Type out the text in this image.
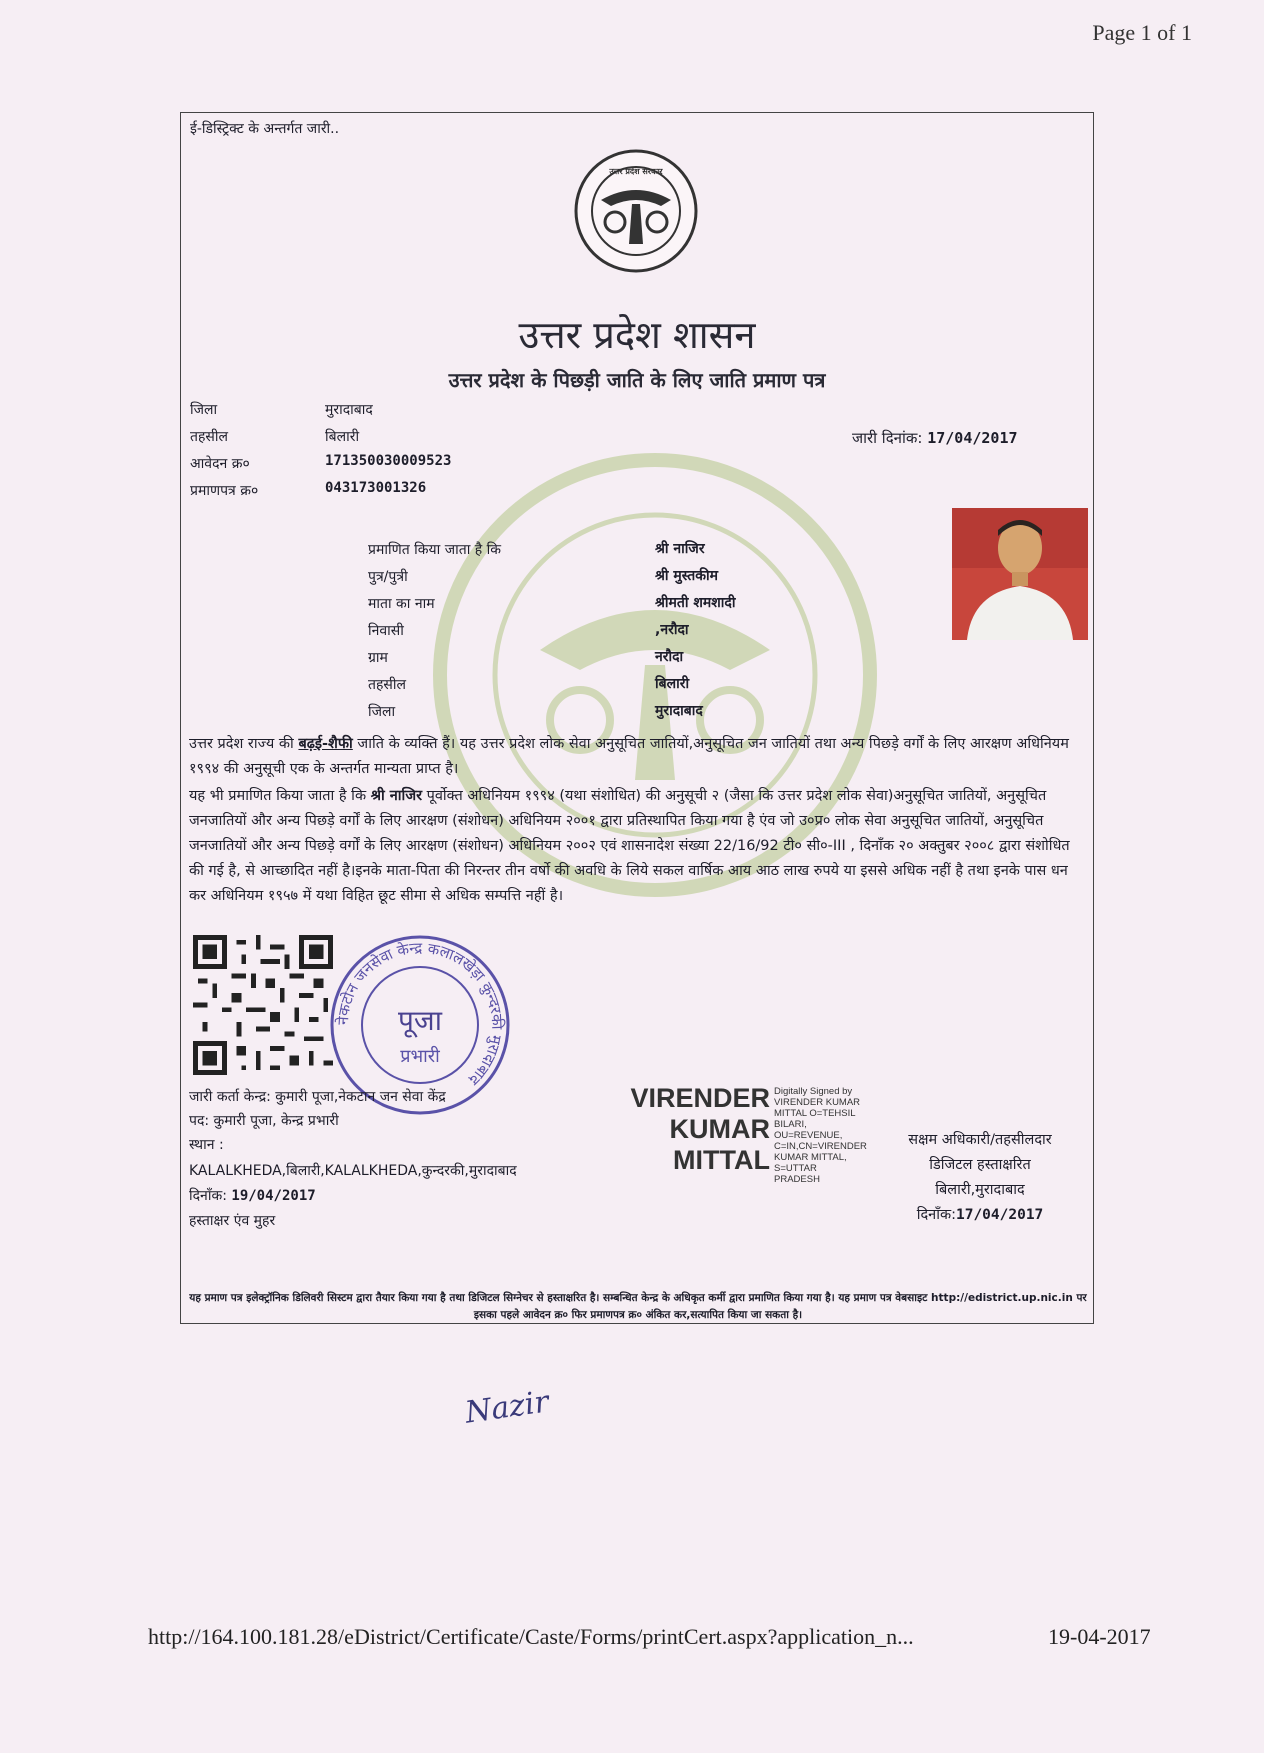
Page 1 of 1
ई-डिस्ट्रिक्ट के अन्तर्गत जारी..
उत्तर प्रदेश सरकार
उत्तर प्रदेश शासन
उत्तर प्रदेश के पिछड़ी जाति के लिए जाति प्रमाण पत्र
जिला	मुरादाबाद
तहसील	बिलारी
आवेदन क्र०	171350030009523
प्रमाणपत्र क्र०	043173001326
जारी दिनांक: 17/04/2017
प्रमाणित किया जाता है कि	श्री नाजिर
पुत्र/पुत्री	श्री मुस्तकीम
माता का नाम	श्रीमती शमशादी
निवासी	,नरौदा
ग्राम	नरौदा
तहसील	बिलारी
जिला	मुरादाबाद
उत्तर प्रदेश राज्य की बढ़ई-शैफी जाति के व्यक्ति हैं। यह उत्तर प्रदेश लोक सेवा अनुसूचित जातियों,अनुसूचित जन जातियों तथा अन्य पिछड़े वर्गों के लिए आरक्षण अधिनियम १९९४ की अनुसूची एक के अन्तर्गत मान्यता प्राप्त है।
यह भी प्रमाणित किया जाता है कि श्री नाजिर पूर्वोक्त अधिनियम १९९४ (यथा संशोधित) की अनुसूची २ (जैसा कि उत्तर प्रदेश लोक सेवा)अनुसूचित जातियों, अनुसूचित जनजातियों और अन्य पिछड़े वर्गों के लिए आरक्षण (संशोधन) अधिनियम २००१ द्वारा प्रतिस्थापित किया गया है एंव जो उ०प्र० लोक सेवा अनुसूचित जातियों, अनुसूचित जनजातियों और अन्य पिछड़े वर्गों के लिए आरक्षण (संशोधन) अधिनियम २००२ एवं शासनादेश संख्या 22/16/92 टी० सी०-III , दिनाँक २० अक्तुबर २००८ द्वारा संशोधित की गई है, से आच्छादित नहीं है।इनके माता-पिता की निरन्तर तीन वर्षो की अवधि के लिये सकल वार्षिक आय आठ लाख रुपये या इससे अधिक नहीं है तथा इनके पास धन कर अधिनियम १९५७ में यथा विहित छूट सीमा से अधिक सम्पत्ति नहीं है।
नेकटोन जनसेवा केन्द्र कलालखेड़ा कुन्दरकी मुरादाबाद
पूजा
प्रभारी
जारी कर्ता केन्द्र: कुमारी पूजा,नेकटान जन सेवा केंद्र
पद: कुमारी पूजा, केन्द्र प्रभारी
स्थान :
KALALKHEDA,बिलारी,KALALKHEDA,कुन्दरकी,मुरादाबाद
दिनाँक: 19/04/2017
हस्ताक्षर एंव मुहर
VIRENDER
KUMAR
MITTAL
Digitally Signed by
VIRENDER KUMAR
MITTAL O=TEHSIL
BILARI,
OU=REVENUE,
C=IN,CN=VIRENDER
KUMAR MITTAL,
S=UTTAR
PRADESH
सक्षम अधिकारी/तहसीलदार
डिजिटल हस्ताक्षरित
बिलारी,मुरादाबाद
दिनाँक:17/04/2017
यह प्रमाण पत्र इलेक्ट्रॉनिक डिलिवरी सिस्टम द्वारा तैयार किया गया है तथा डिजिटल सिग्नेचर से हस्ताक्षरित है। सम्बन्धित केन्द्र के अधिकृत कर्मी द्वारा प्रमाणित किया गया है। यह प्रमाण पत्र वेबसाइट http://edistrict.up.nic.in पर इसका पहले आवेदन क्र० फिर प्रमाणपत्र क्र० अंकित कर,सत्यापित किया जा सकता है।
Nazir
http://164.100.181.28/eDistrict/Certificate/Caste/Forms/printCert.aspx?application_n...	19-04-2017
